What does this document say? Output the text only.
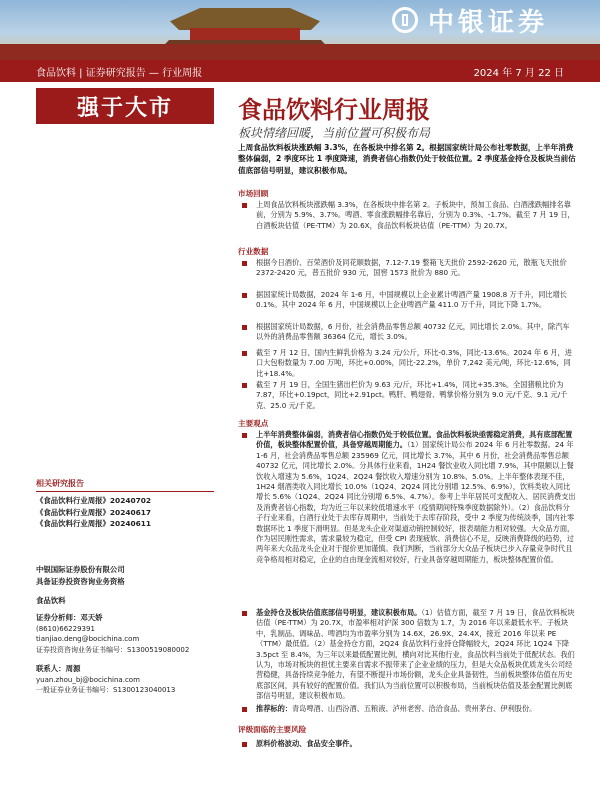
中银证券
食品饮料 | 证券研究报告 — 行业周报	2024 年 7 月 22 日
强于大市	食品饮料行业周报
板块情绪回暖，当前位置可积极布局
上周食品饮料板块涨跌幅 3.3%，在各板块中排名第 2。根据国家统计局公布社零数据，上半年消费整体偏弱，2 季度环比 1 季度降速，消费者信心指数仍处于较低位置。2 季度基金持仓及板块当前估值底部信号明显，建议积极布局。
市场回顾
上周食品饮料板块涨跌幅 3.3%，在各板块中排名第 2。子板块中，预加工食品、白酒涨跌幅排名靠前，分别为 5.9%、3.7%。啤酒、零食涨跌幅排名靠后，分别为 0.3%、-1.7%。截至 7 月 19 日，白酒板块估值（PE-TTM）为 20.6X，食品饮料板块估值（PE-TTM）为 20.7X。
行业数据
根据今日酒价、百荣酒价及同花顺数据，7.12-7.19 整箱飞天批价 2592-2620 元，散瓶飞天批价 2372-2420 元，普五批价 930 元，国窖 1573 批价为 880 元。
据国家统计局数据，2024 年 1-6 月，中国规模以上企业累计啤酒产量 1908.8 万千升，同比增长 0.1%。其中 2024 年 6 月，中国规模以上企业啤酒产量 411.0 万千升，同比下降 1.7%。
根据国家统计局数据，6 月份，社会消费品零售总额 40732 亿元，同比增长 2.0%。其中，除汽车以外的消费品零售额 36364 亿元，增长 3.0%。
截至 7 月 12 日，国内生鲜乳价格为 3.24 元/公斤，环比-0.3%，同比-13.6%。2024 年 6 月，进口大包粉数量为 7.00 万吨，环比+0.00%，同比-22.2%，单价 7,242 美元/吨，环比-12.6%，同比+18.4%。
截至 7 月 19 日，全国生猪出栏价为 9.63 元/斤，环比+1.4%，同比+35.3%。全国猪粮比价为 7.87，环比+0.19pct，同比+2.91pct。鸭肝、鸭翅骨、鸭掌价格分别为 9.0 元/千克、9.1 元/千克、25.0 元/千克。
主要观点
上半年消费整体偏弱，消费者信心指数仍处于较低位置。食品饮料板块亟需稳定消费，具有底部配置价值，板块整体配置价值，具备穿越周期能力。（1）国家统计局公布 2024 年 6 月社零数据。24 年 1-6 月，社会消费品零售总额 235969 亿元，同比增长 3.7%，其中 6 月份，社会消费品零售总额 40732 亿元，同比增长 2.0%。分具体行业来看，1H24 餐饮业收入同比增 7.9%，其中限额以上餐饮收入增速为 5.6%，1Q24、2Q24 餐饮收入增速分别为 10.8%、5.0%。上半年整体表现不佳，1H24 烟酒类收入同比增长 10.0%（1Q24、2Q24 同比分别增 12.5%、6.9%），饮料类收入同比增长 5.6%（1Q24、2Q24 同比分别增 6.5%、4.7%）。参考上半年居民可支配收入、居民消费支出及消费者信心指数，均为近三年以来较低增速水平（疫情期间特殊季度数据除外）。（2）食品饮料分子行业来看，白酒行业处于去库存周期中，当前处于去库存阶段，受中 2 季度为传统淡季，国内社零数据环比 1 季度下滑明显。但是龙头企业对渠道动销控制较好，报表端能力相对较强。大众品方面，作为居民刚性需求，需求量较为稳定，但受 CPI 表现疲软、消费信心不足，反映消费降级的趋势，过两年来大众品龙头企业对于提价更加谨慎。我们判断，当前部分大众品子板块已步入存量竞争时代且竞争格局相对稳定，企业的自由现金流相对较好，行业具备穿越周期能力，板块整体配置价值。
基金持仓及板块估值底部信号明显，建议积极布局。（1）估值方面，截至 7 月 19 日，食品饮料板块估值（PE-TTM）为 20.7X，市盈率相对沪深 300 倍数为 1.7，为 2016 年以来最低水平。子板块中，乳制品、调味品、啤酒均为市盈率分别为 14.6X、26.9X、24.4X，接近 2016 年以来 PE（TTM）最低值。（2）基金持仓方面，2Q24 食品饮料行业持仓降幅较大，2Q24 环比 1Q24 下降 3.5pct 至 8.4%，为三年以来最低配置比例，横向对比其他行业，食品饮料当前处于低配状态。我们认为，市场对板块的担忧主要来自需求不振带来了企业业绩的压力，但是大众品板块优质龙头公司经营稳健，具备持续竞争能力，有望不断提升市场份额，龙头企业具备韧性，当前板块整体估值在历史底部区间，具有较好的配置价值。我们认为当前位置可以积极布局，当前板块估值及基金配置比例底部信号明显，建议积极布局。
推荐标的：青岛啤酒、山西汾酒、五粮液、泸州老窖、洽洽食品、贵州茅台、伊利股份。
评级面临的主要风险
原料价格波动、食品安全事件。
相关研究报告
《食品饮料行业周报》20240702
《食品饮料行业周报》20240617
《食品饮料行业周报》20240611
中银国际证券股份有限公司
具备证券投资咨询业务资格
食品饮料
证券分析师：邓天娇
(8610)66229391
tianjiao.deng@bocichina.com
证券投资咨询业务证书编号：S1300519080002
联系人：周源
yuan.zhou_bj@bocichina.com
一般证券业务证书编号：S1300123040013
